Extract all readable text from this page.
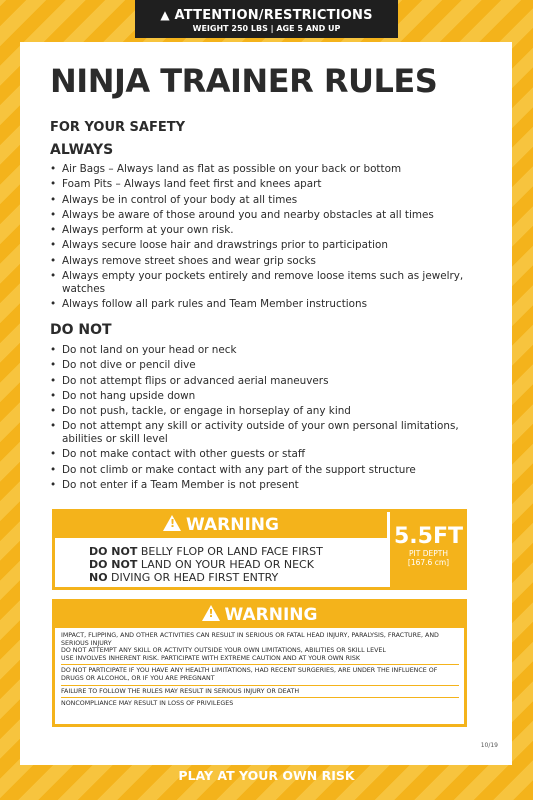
▲ ATTENTION/RESTRICTIONS
WEIGHT 250 LBS | AGE 5 AND UP
NINJA TRAINER RULES
FOR YOUR SAFETY
ALWAYS
• Air Bags – Always land as flat as possible on your back or bottom
• Foam Pits – Always land feet first and knees apart
• Always be in control of your body at all times
• Always be aware of those around you and nearby obstacles at all times
• Always perform at your own risk.
• Always secure loose hair and drawstrings prior to participation
• Always remove street shoes and wear grip socks
• Always empty your pockets entirely and remove loose items such as jewelry, watches
• Always follow all park rules and Team Member instructions
DO NOT
• Do not land on your head or neck
• Do not dive or pencil dive
• Do not attempt flips or advanced aerial maneuvers
• Do not hang upside down
• Do not push, tackle, or engage in horseplay of any kind
• Do not attempt any skill or activity outside of your own personal limitations, abilities or skill level
• Do not make contact with other guests or staff
• Do not climb or make contact with any part of the support structure
• Do not enter if a Team Member is not present
!WARNING
DO NOT BELLY FLOP OR LAND FACE FIRST
DO NOT LAND ON YOUR HEAD OR NECK
NO DIVING OR HEAD FIRST ENTRY
5.5FT
PIT DEPTH
[167.6 cm]
!WARNING

IMPACT, FLIPPING, AND OTHER ACTIVITIES CAN RESULT IN SERIOUS OR FATAL HEAD INJURY, PARALYSIS, FRACTURE, AND SERIOUS INJURY

DO NOT ATTEMPT ANY SKILL OR ACTIVITY OUTSIDE YOUR OWN LIMITATIONS, ABILITIES OR SKILL LEVEL

USE INVOLVES INHERENT RISK. PARTICIPATE WITH EXTREME CAUTION AND AT YOUR OWN RISK

DO NOT PARTICIPATE IF YOU HAVE ANY HEALTH LIMITATIONS, HAD RECENT SURGERIES, ARE UNDER THE INFLUENCE OF DRUGS OR ALCOHOL, OR IF YOU ARE PREGNANT

FAILURE TO FOLLOW THE RULES MAY RESULT IN SERIOUS INJURY OR DEATH

NONCOMPLIANCE MAY RESULT IN LOSS OF PRIVILEGES

10/19
PLAY AT YOUR OWN RISK
